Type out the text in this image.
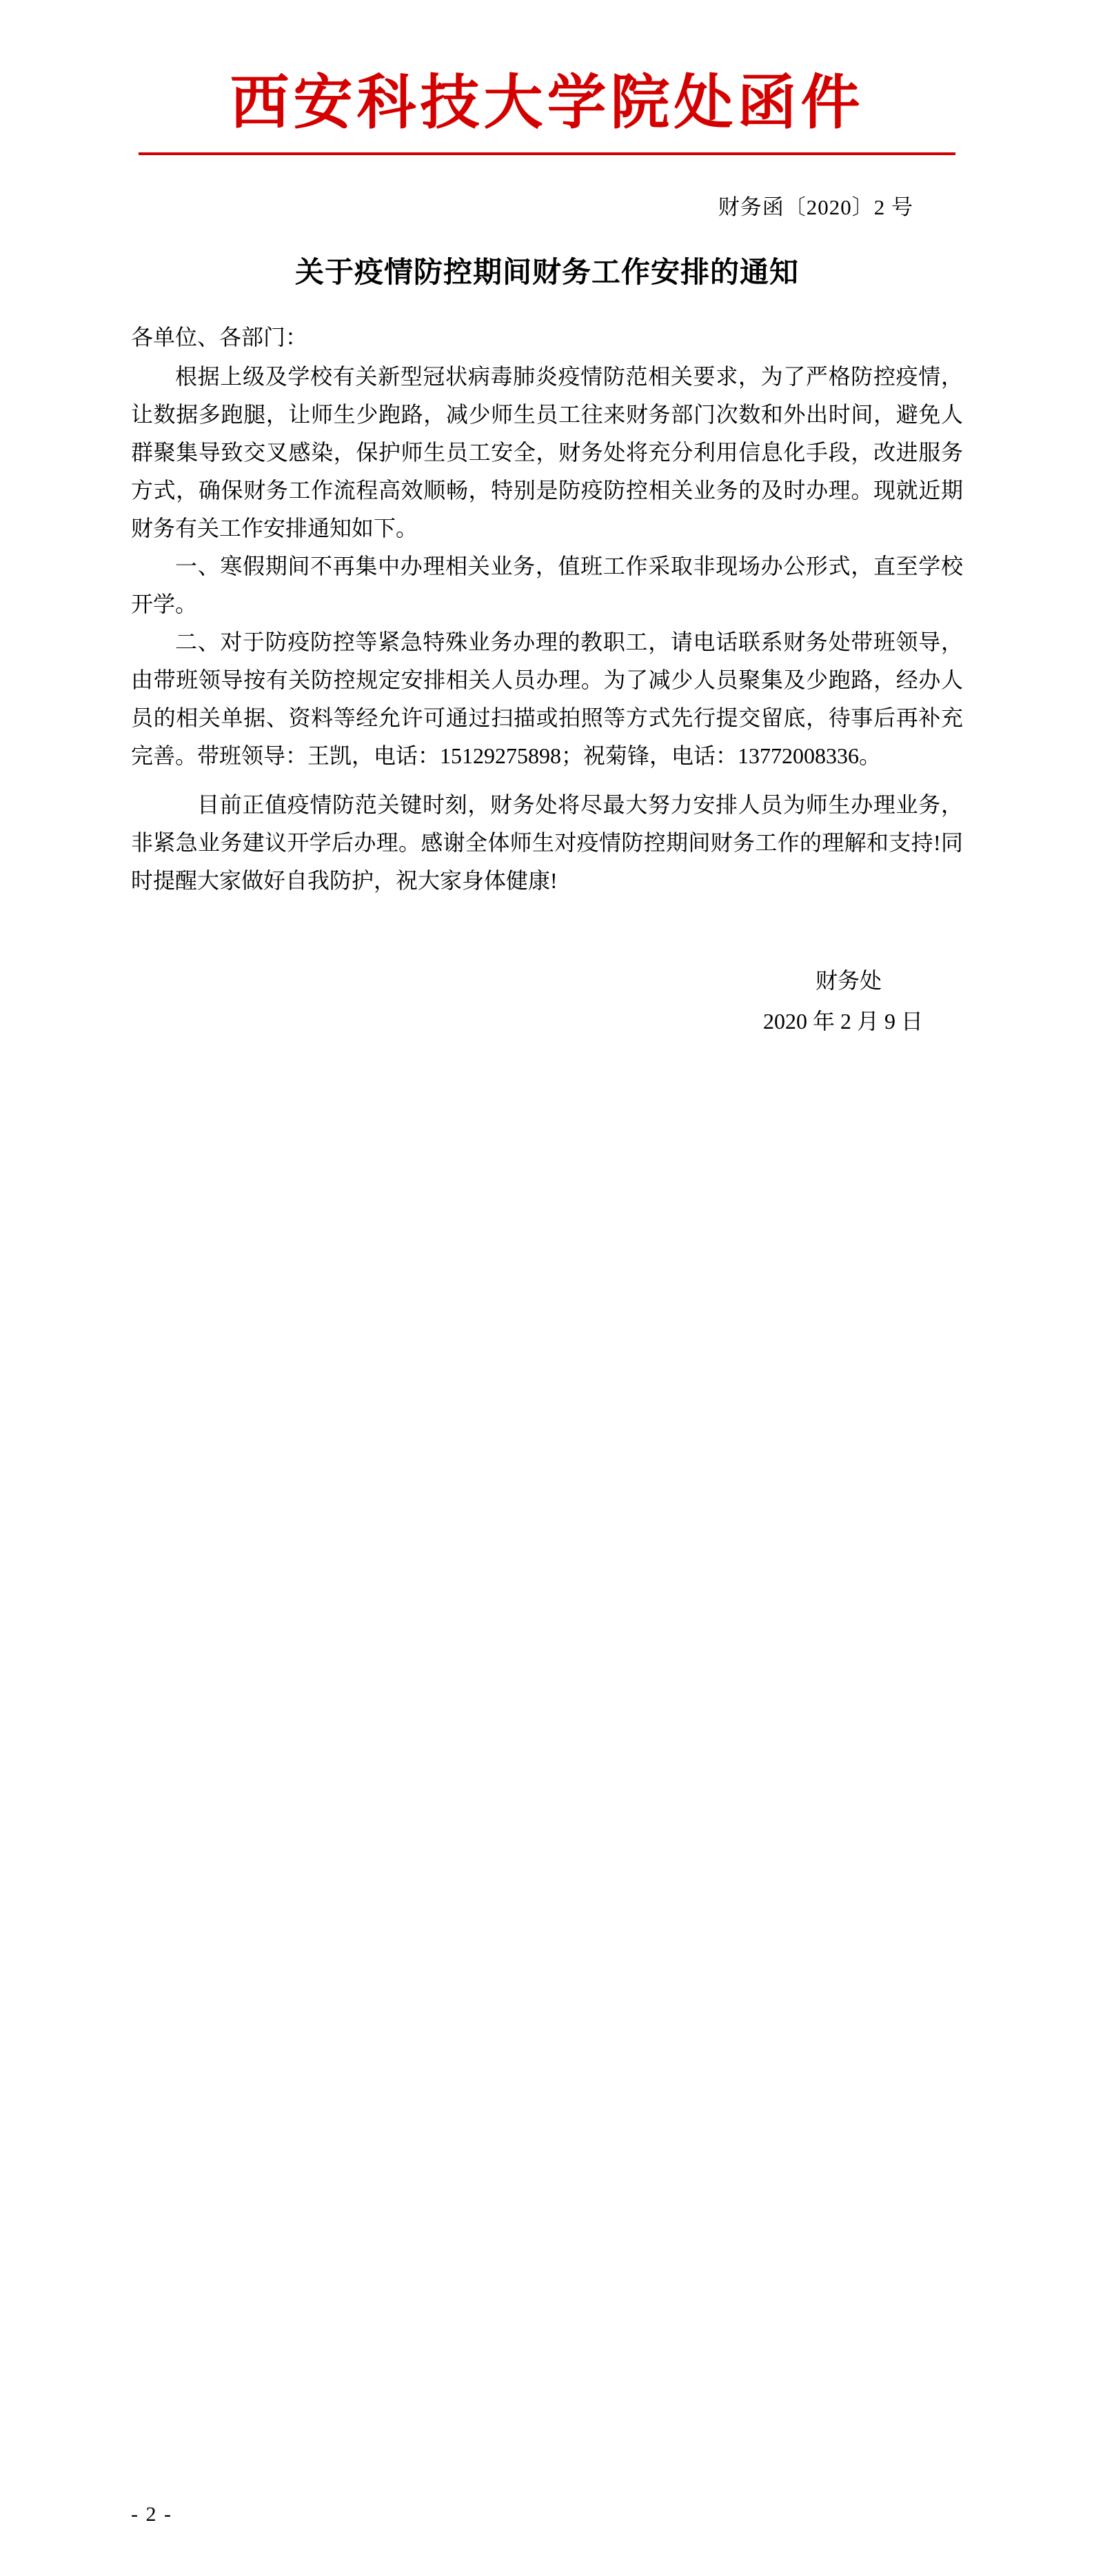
西安科技大学院处函件
财务函〔2020〕2 号
关于疫情防控期间财务工作安排的通知

各单位、各部门：

根据上级及学校有关新型冠状病毒肺炎疫情防范相关要求，为了严格防控疫情，让数据多跑腿，让师生少跑路，减少师生员工往来财务部门次数和外出时间，避免人群聚集导致交叉感染，保护师生员工安全，财务处将充分利用信息化手段，改进服务方式，确保财务工作流程高效顺畅，特别是防疫防控相关业务的及时办理。现就近期财务有关工作安排通知如下。

一、寒假期间不再集中办理相关业务，值班工作采取非现场办公形式，直至学校开学。

二、对于防疫防控等紧急特殊业务办理的教职工，请电话联系财务处带班领导，由带班领导按有关防控规定安排相关人员办理。为了减少人员聚集及少跑路，经办人员的相关单据、资料等经允许可通过扫描或拍照等方式先行提交留底，待事后再补充完善。带班领导：王凯，电话：15129275898；祝菊锋，电话：13772008336。

目前正值疫情防范关键时刻，财务处将尽最大努力安排人员为师生办理业务，非紧急业务建议开学后办理。感谢全体师生对疫情防控期间财务工作的理解和支持!同时提醒大家做好自我防护，祝大家身体健康!

财务处
2020 年 2 月 9 日
- 2 -
